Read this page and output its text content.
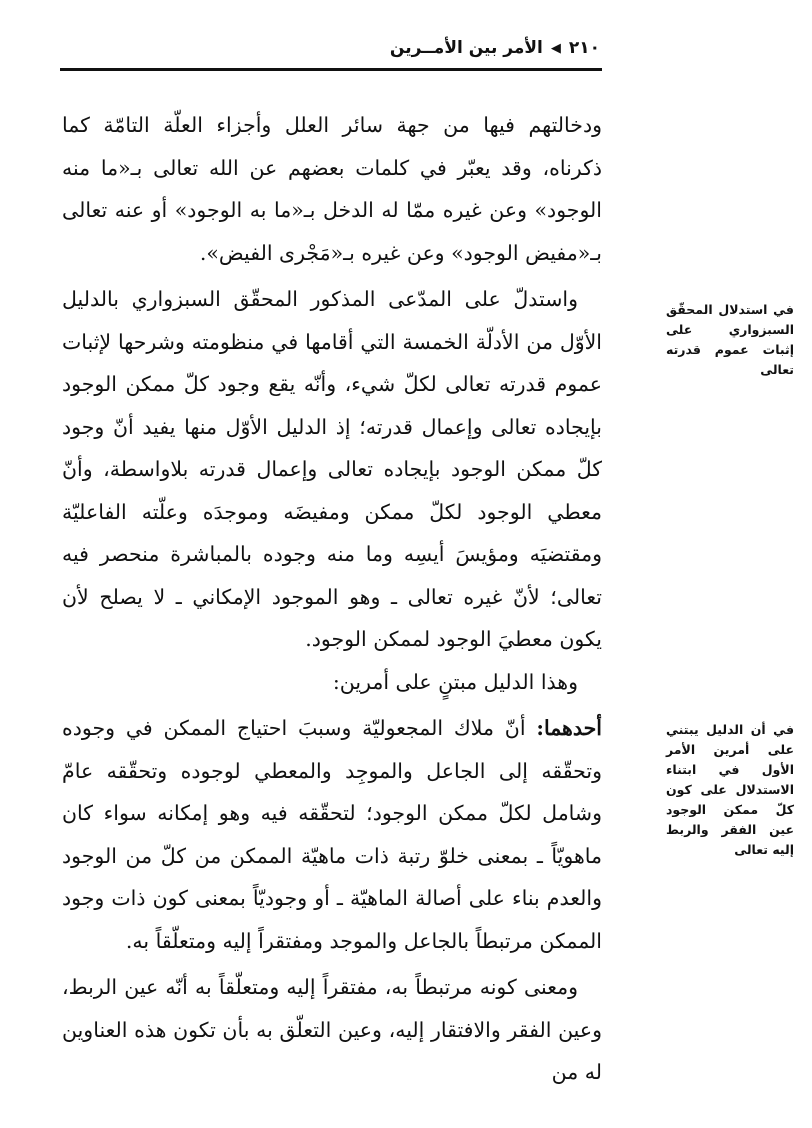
٢١٠
◀
الأمر بين الأمــرين

ودخالتهم فيها من جهة سائر العلل وأجزاء العلّة التامّة كما ذكرناه، وقد يعبّر في كلمات بعضهم عن الله تعالى بـ«ما منه الوجود» وعن غيره ممّا له الدخل بـ«ما به الوجود» أو عنه تعالى بـ«مفيض الوجود» وعن غيره بـ«مَجْرى الفيض».

واستدلّ على المدّعى المذكور المحقّق السبزواري بالدليل الأوّل من الأدلّة الخمسة التي أقامها في منظومته وشرحها لإثبات عموم قدرته تعالى لكلّ شيء، وأنّه يقع وجود كلّ ممكن الوجود بإيجاده تعالى وإعمال قدرته؛ إذ الدليل الأوّل منها يفيد أنّ وجود كلّ ممكن الوجود بإيجاده تعالى وإعمال قدرته بلاواسطة، وأنّ معطي الوجود لكلّ ممكن ومفيضَه وموجدَه وعلّته الفاعليّة ومقتضيَه ومؤيسَ أيسِه وما منه وجوده بالمباشرة منحصر فيه تعالى؛ لأنّ غيره تعالى ـ وهو الموجود الإمكاني ـ لا يصلح لأن يكون معطيَ الوجود لممكن الوجود.

وهذا الدليل مبتنٍ على أمرين:

أحدهما: أنّ ملاك المجعوليّة وسببَ احتياج الممكن في وجوده وتحقّقه إلى الجاعل والموجِد والمعطي لوجوده وتحقّقه عامّ وشامل لكلّ ممكن الوجود؛ لتحقّقه فيه وهو إمكانه سواء كان ماهويّاً ـ بمعنى خلوّ رتبة ذات ماهيّة الممكن من كلّ من الوجود والعدم بناء على أصالة الماهيّة ـ أو وجوديّاً بمعنى كون ذات وجود الممكن مرتبطاً بالجاعل والموجد ومفتقراً إليه ومتعلّقاً به.

ومعنى كونه مرتبطاً به، مفتقراً إليه ومتعلّقاً به أنّه عين الربط، وعين الفقر والافتقار إليه، وعين التعلّق به بأن تكون هذه العناوين له من

في استدلال المحقّق السبزواري على إثبات عموم قدرته تعالى
في أن الدليل يبتني على أمرين الأمر الأول في ابتناء الاستدلال على كون كلّ ممكن الوجود عين الفقر والربط إليه تعالى
